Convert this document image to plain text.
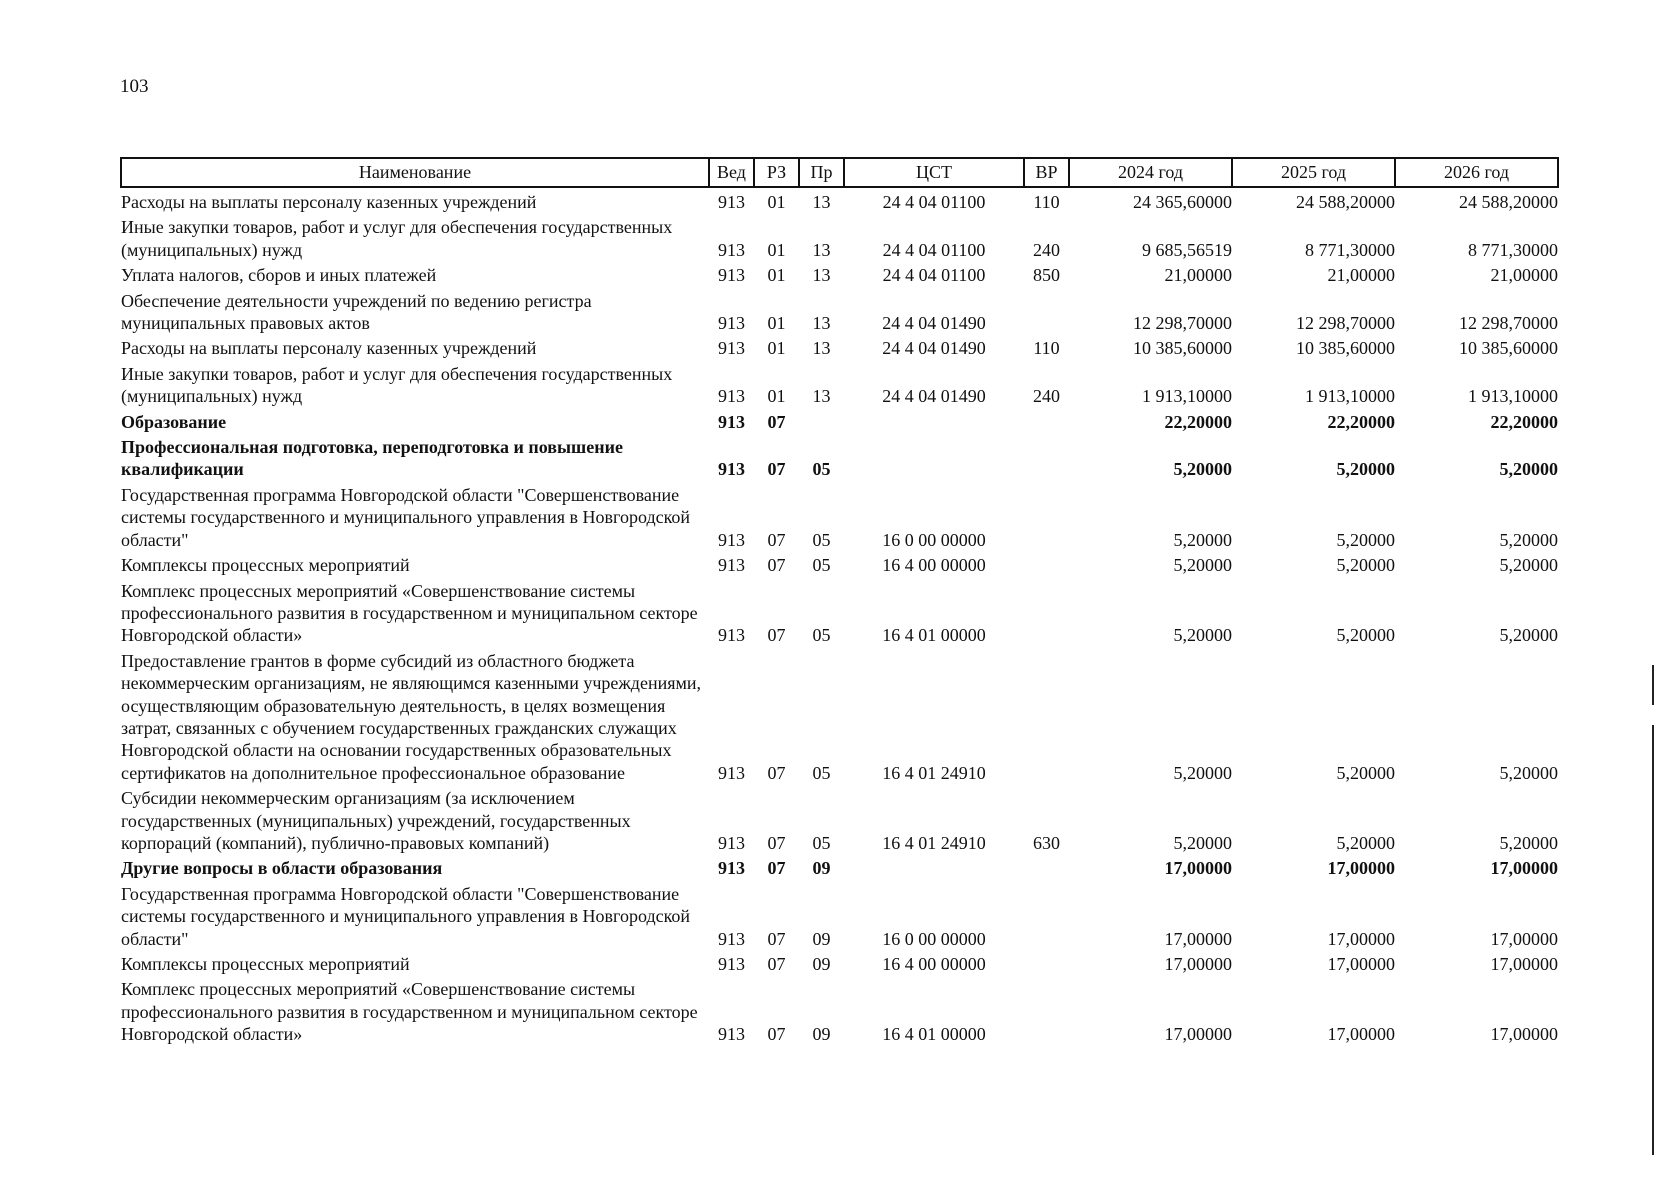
103
Наименование	Вед	РЗ	Пр	ЦСТ	ВР	2024 год	2025 год	2026 год
Расходы на выплаты персоналу казенных учреждений	913	01	13	24 4 04 01100	110	24 365,60000	24 588,20000	24 588,20000
Иные закупки товаров, работ и услуг для обеспечения государственных (муниципальных) нужд	913	01	13	24 4 04 01100	240	9 685,56519	8 771,30000	8 771,30000
Уплата налогов, сборов и иных платежей	913	01	13	24 4 04 01100	850	21,00000	21,00000	21,00000
Обеспечение деятельности учреждений по ведению регистра муниципальных правовых актов	913	01	13	24 4 04 01490		12 298,70000	12 298,70000	12 298,70000
Расходы на выплаты персоналу казенных учреждений	913	01	13	24 4 04 01490	110	10 385,60000	10 385,60000	10 385,60000
Иные закупки товаров, работ и услуг для обеспечения государственных (муниципальных) нужд	913	01	13	24 4 04 01490	240	1 913,10000	1 913,10000	1 913,10000
Образование	913	07				22,20000	22,20000	22,20000
Профессиональная подготовка, переподготовка и повышение квалификации	913	07	05			5,20000	5,20000	5,20000
Государственная программа Новгородской области "Совершенствование системы государственного и муниципального управления в Новгородской области"	913	07	05	16 0 00 00000		5,20000	5,20000	5,20000
Комплексы процессных мероприятий	913	07	05	16 4 00 00000		5,20000	5,20000	5,20000
Комплекс процессных мероприятий «Совершенствование системы профессионального развития в государственном и муниципальном секторе Новгородской области»	913	07	05	16 4 01 00000		5,20000	5,20000	5,20000
Предоставление грантов в форме субсидий из областного бюджета некоммерческим организациям, не являющимся казенными учреждениями, осуществляющим образовательную деятельность, в целях возмещения затрат, связанных с обучением государственных гражданских служащих Новгородской области на основании государственных образовательных сертификатов на дополнительное профессиональное образование	913	07	05	16 4 01 24910		5,20000	5,20000	5,20000
Субсидии некоммерческим организациям (за исключением государственных (муниципальных) учреждений, государственных корпораций (компаний), публично-правовых компаний)	913	07	05	16 4 01 24910	630	5,20000	5,20000	5,20000
Другие вопросы в области образования	913	07	09			17,00000	17,00000	17,00000
Государственная программа Новгородской области "Совершенствование системы государственного и муниципального управления в Новгородской области"	913	07	09	16 0 00 00000		17,00000	17,00000	17,00000
Комплексы процессных мероприятий	913	07	09	16 4 00 00000		17,00000	17,00000	17,00000
Комплекс процессных мероприятий «Совершенствование системы профессионального развития в государственном и муниципальном секторе Новгородской области»	913	07	09	16 4 01 00000		17,00000	17,00000	17,00000
